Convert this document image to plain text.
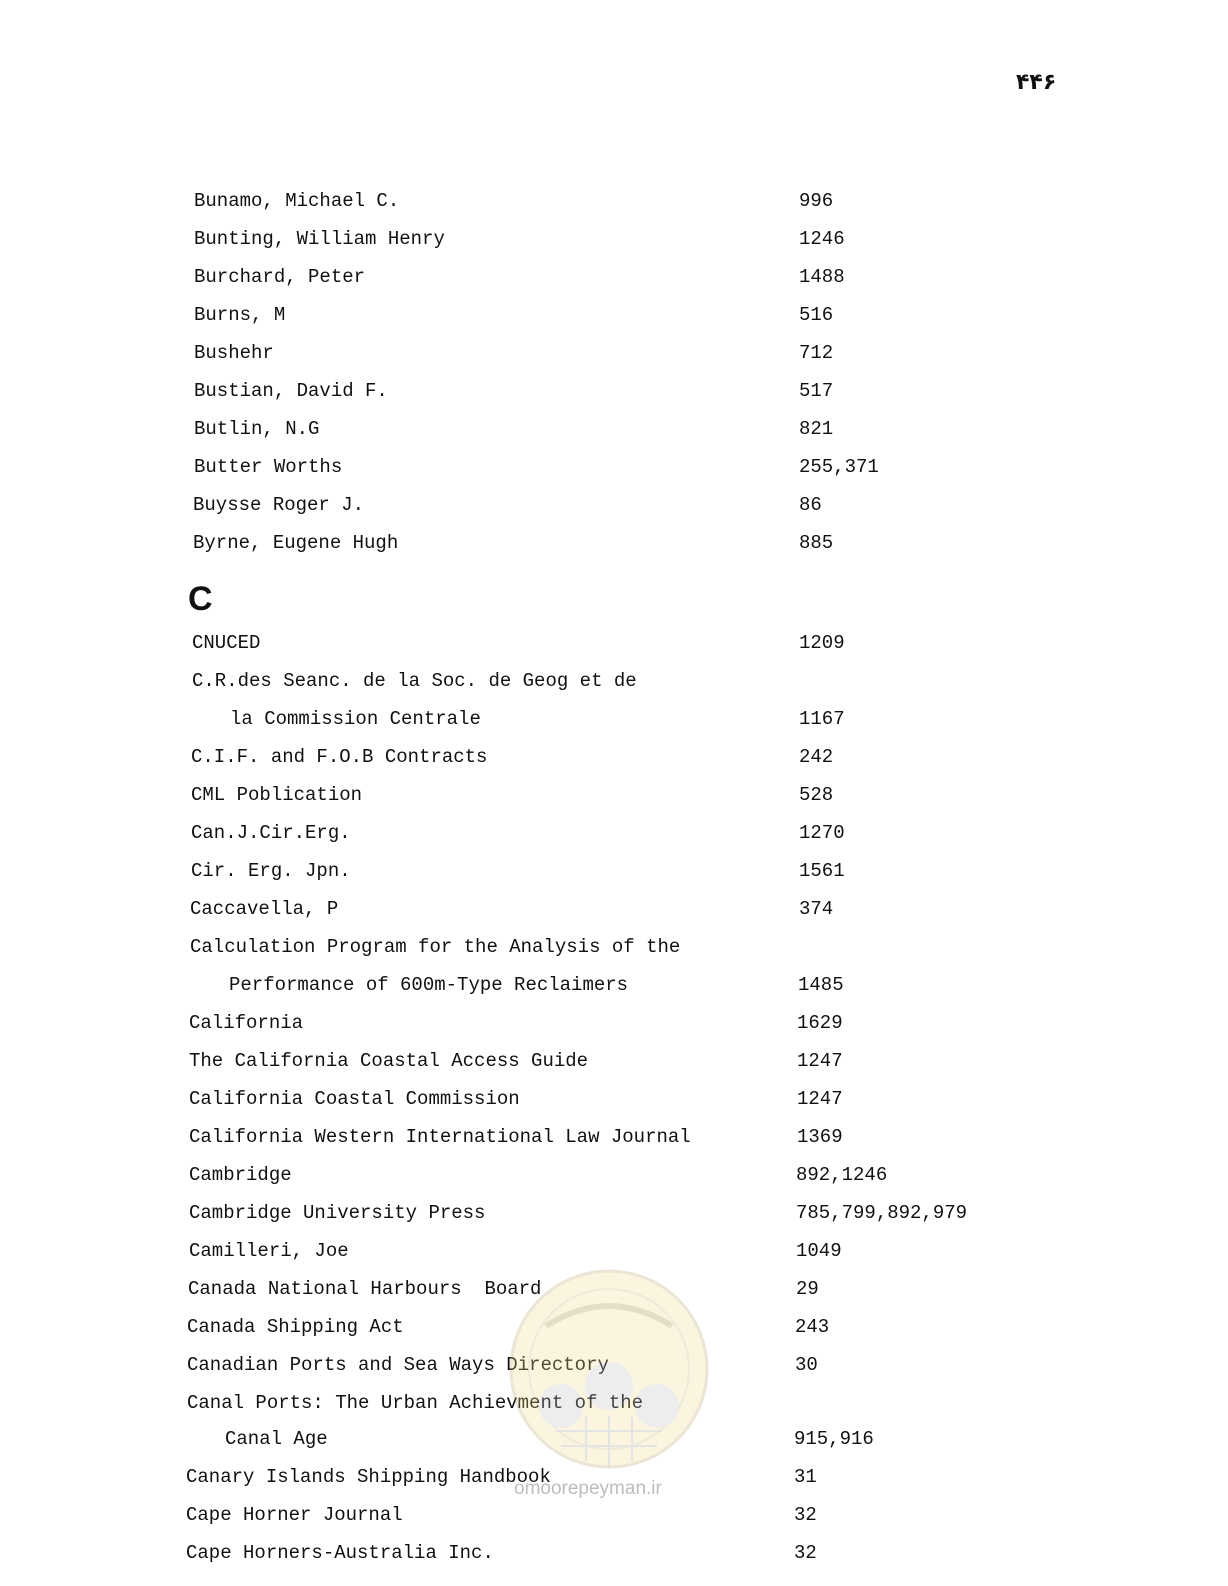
۴۴۶
Bunamo, Michael C.	996
Bunting, William Henry	1246
Burchard, Peter	1488
Burns, M	516
Bushehr	712
Bustian, David F.	517
Butlin, N.G	821
Butter Worths	255,371
Buysse Roger J.	86
Byrne, Eugene Hugh	885
C
CNUCED	1209
C.R.des Seanc. de la Soc. de Geog et de
la Commission Centrale	1167
C.I.F. and F.O.B Contracts	242
CML Poblication	528
Can.J.Cir.Erg.	1270
Cir. Erg. Jpn.	1561
Caccavella, P	374
Calculation Program for the Analysis of the
Performance of 600m-Type Reclaimers	1485
California	1629
The California Coastal Access Guide	1247
California Coastal Commission	1247
California Western International Law Journal	1369
Cambridge	892,1246
Cambridge University Press	785,799,892,979
Camilleri, Joe	1049
Canada National Harbours  Board	29
Canada Shipping Act	243
Canadian Ports and Sea Ways Directory	30
Canal Ports: The Urban Achievment of the
Canal Age	915,916
Canary Islands Shipping Handbook	31
Cape Horner Journal	32
Cape Horners-Australia Inc.	32
omoorepeyman.ir
